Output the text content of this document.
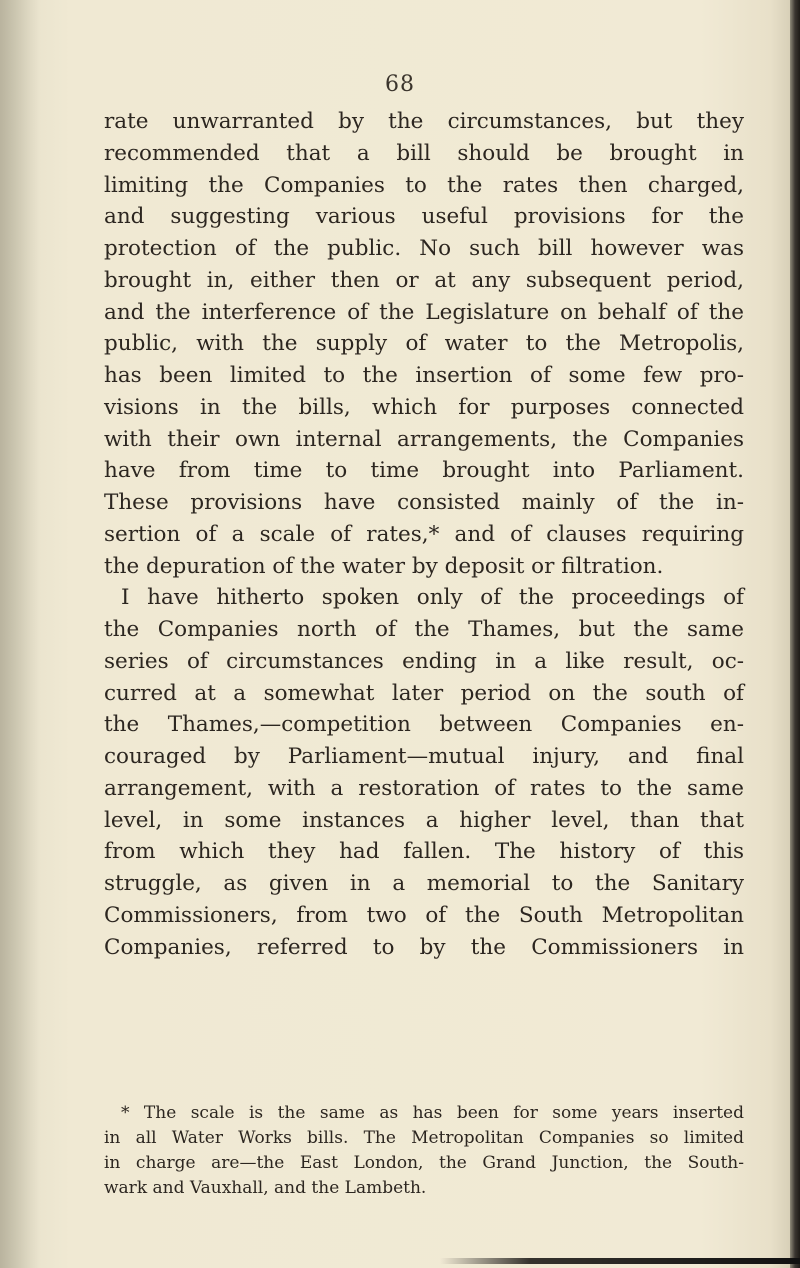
68
rate unwarranted by the circumstances, but they
recommended that a bill should be brought in
limiting the Companies to the rates then charged,
and suggesting various useful provisions for the
protection of the public. No such bill however was
brought in, either then or at any subsequent period,
and the interference of the Legislature on behalf of the
public, with the supply of water to the Metropolis,
has been limited to the insertion of some few pro-
visions in the bills, which for purposes connected
with their own internal arrangements, the Companies
have from time to time brought into Parliament.
These provisions have consisted mainly of the in-
sertion of a scale of rates,* and of clauses requiring
the depuration of the water by deposit or filtration.
I have hitherto spoken only of the proceedings of
the Companies north of the Thames, but the same
series of circumstances ending in a like result, oc-
curred at a somewhat later period on the south of
the Thames,—competition between Companies en-
couraged by Parliament—mutual injury, and final
arrangement, with a restoration of rates to the same
level, in some instances a higher level, than that
from which they had fallen. The history of this
struggle, as given in a memorial to the Sanitary
Commissioners, from two of the South Metropolitan
Companies, referred to by the Commissioners in
* The scale is the same as has been for some years inserted
in all Water Works bills. The Metropolitan Companies so limited
in charge are—the East London, the Grand Junction, the South-
wark and Vauxhall, and the Lambeth.
